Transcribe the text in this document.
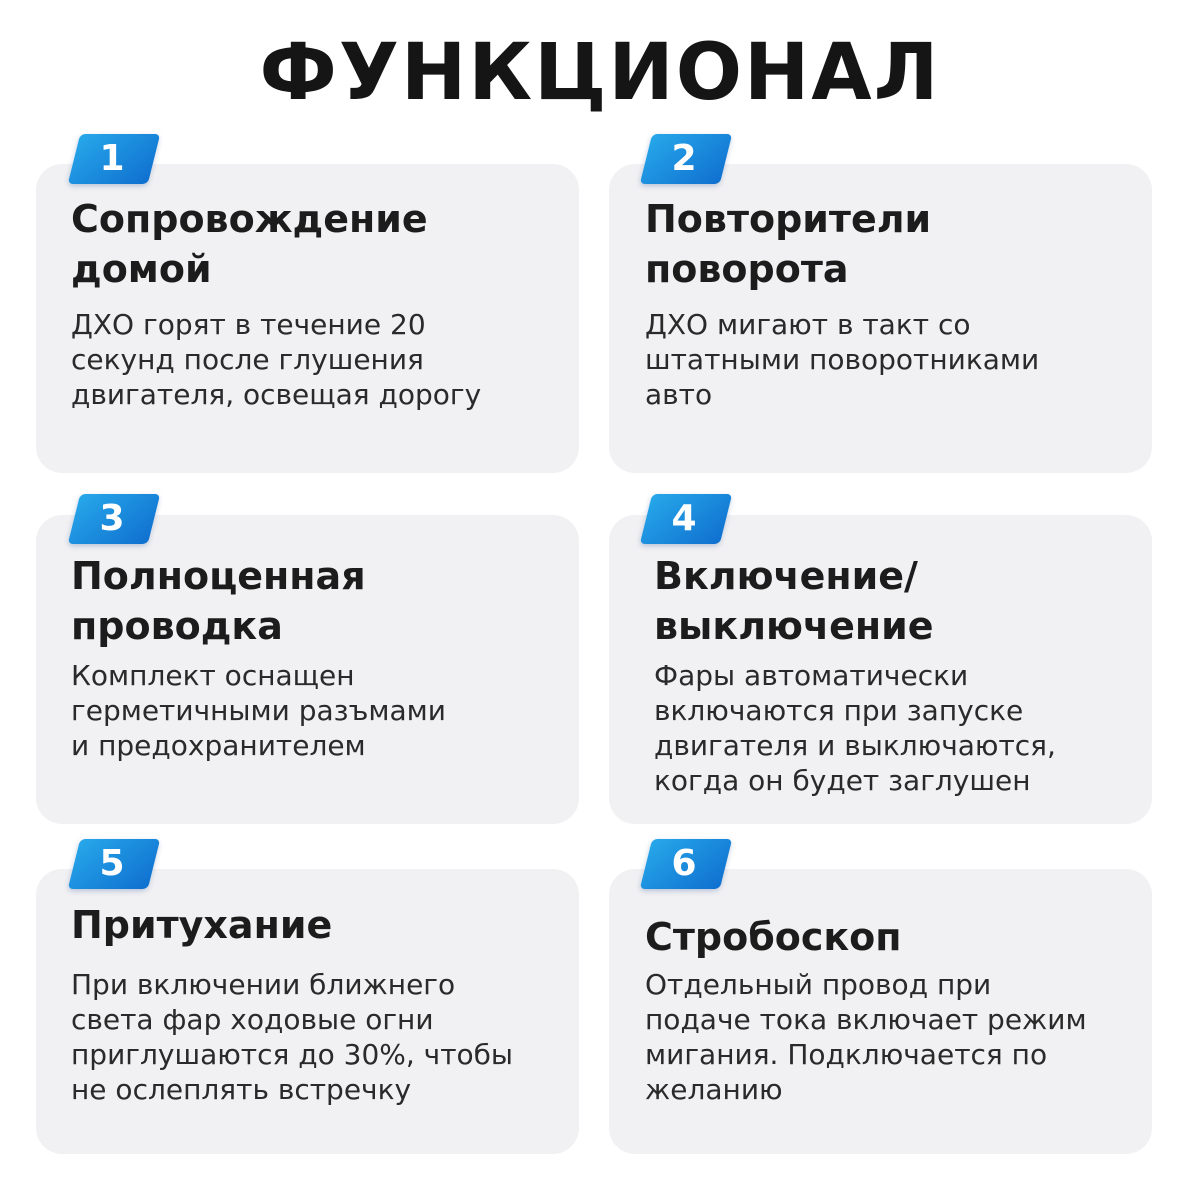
ФУНКЦИОНАЛ
1
Сопровождение
домой
ДХО горят в течение 20
секунд после глушения
двигателя, освещая дорогу
2
Повторители
поворота
ДХО мигают в такт со
штатными поворотниками
авто
3
Полноценная
проводка
Комплект оснащен
герметичными разъмами
и предохранителем
4
Включение/
выключение
Фары автоматически
включаются при запуске
двигателя и выключаются,
когда он будет заглушен
5
Притухание
При включении ближнего
света фар ходовые огни
приглушаются до 30%, чтобы
не ослеплять встречку
6
Стробоскоп
Отдельный провод при
подаче тока включает режим
мигания. Подключается по
желанию
